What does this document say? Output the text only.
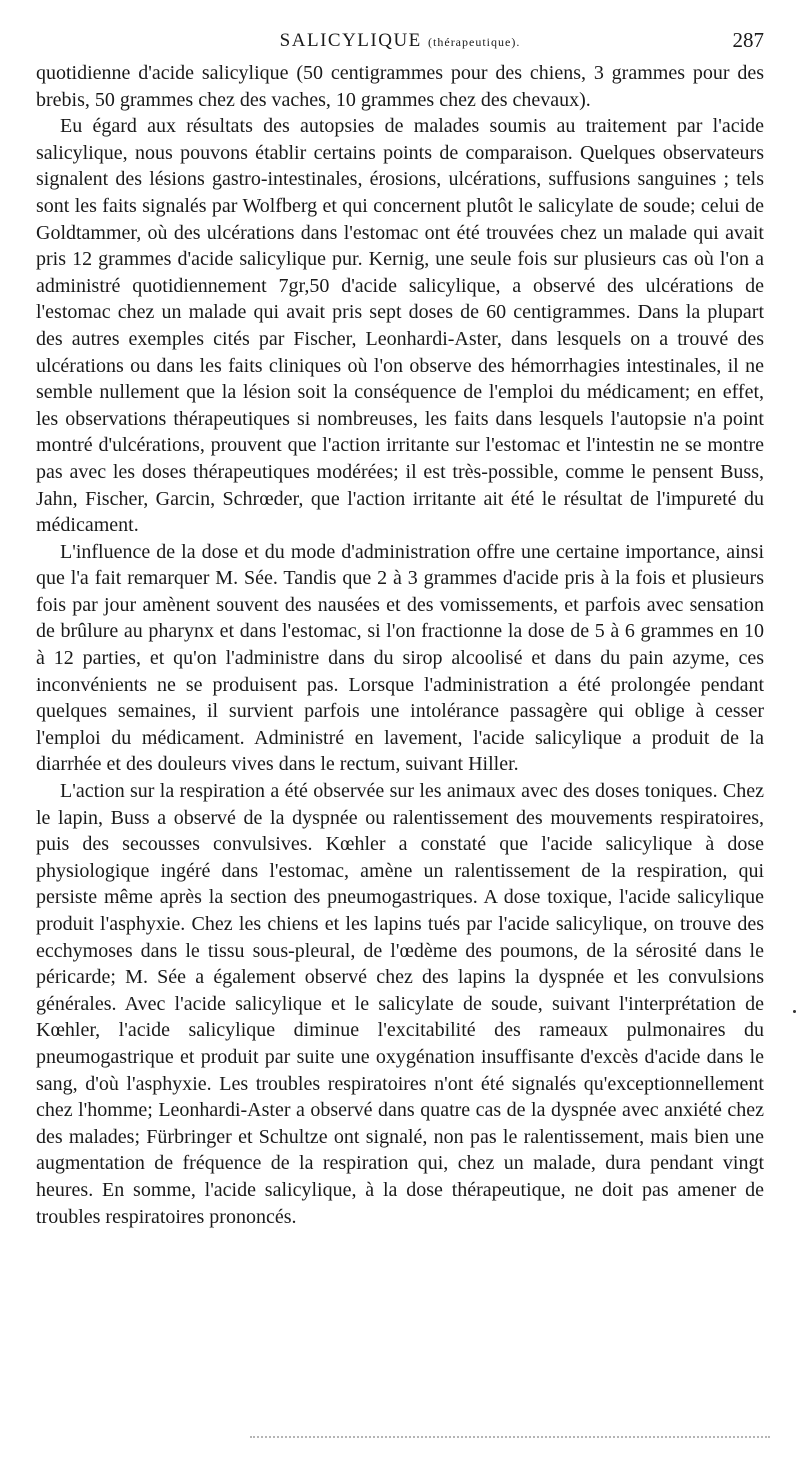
SALICYLIQUE (thérapeutique).	287

quotidienne d'acide salicylique (50 centigrammes pour des chiens, 3 grammes pour des brebis, 50 grammes chez des vaches, 10 grammes chez des chevaux).

Eu égard aux résultats des autopsies de malades soumis au traitement par l'acide salicylique, nous pouvons établir certains points de comparaison. Quelques observateurs signalent des lésions gastro-intestinales, érosions, ulcérations, suffusions sanguines ; tels sont les faits signalés par Wolfberg et qui concernent plutôt le salicylate de soude; celui de Goldtammer, où des ulcérations dans l'estomac ont été trouvées chez un malade qui avait pris 12 grammes d'acide salicylique pur. Kernig, une seule fois sur plusieurs cas où l'on a administré quotidiennement 7gr,50 d'acide salicylique, a observé des ulcérations de l'estomac chez un malade qui avait pris sept doses de 60 centigrammes. Dans la plupart des autres exemples cités par Fischer, Leonhardi-Aster, dans lesquels on a trouvé des ulcérations ou dans les faits cliniques où l'on observe des hémorrhagies intestinales, il ne semble nullement que la lésion soit la conséquence de l'emploi du médicament; en effet, les observations thérapeutiques si nombreuses, les faits dans lesquels l'autopsie n'a point montré d'ulcérations, prouvent que l'action irritante sur l'estomac et l'intestin ne se montre pas avec les doses thérapeutiques modérées; il est très-possible, comme le pensent Buss, Jahn, Fischer, Garcin, Schrœder, que l'action irritante ait été le résultat de l'impureté du médicament.

L'influence de la dose et du mode d'administration offre une certaine importance, ainsi que l'a fait remarquer M. Sée. Tandis que 2 à 3 grammes d'acide pris à la fois et plusieurs fois par jour amènent souvent des nausées et des vomissements, et parfois avec sensation de brûlure au pharynx et dans l'estomac, si l'on fractionne la dose de 5 à 6 grammes en 10 à 12 parties, et qu'on l'administre dans du sirop alcoolisé et dans du pain azyme, ces inconvénients ne se produisent pas. Lorsque l'administration a été prolongée pendant quelques semaines, il survient parfois une intolérance passagère qui oblige à cesser l'emploi du médicament. Administré en lavement, l'acide salicylique a produit de la diarrhée et des douleurs vives dans le rectum, suivant Hiller.

L'action sur la respiration a été observée sur les animaux avec des doses toniques. Chez le lapin, Buss a observé de la dyspnée ou ralentissement des mouvements respiratoires, puis des secousses convulsives. Kœhler a constaté que l'acide salicylique à dose physiologique ingéré dans l'estomac, amène un ralentissement de la respiration, qui persiste même après la section des pneumogastriques. A dose toxique, l'acide salicylique produit l'asphyxie. Chez les chiens et les lapins tués par l'acide salicylique, on trouve des ecchymoses dans le tissu sous-pleural, de l'œdème des poumons, de la sérosité dans le péricarde; M. Sée a également observé chez des lapins la dyspnée et les convulsions générales. Avec l'acide salicylique et le salicylate de soude, suivant l'interprétation de Kœhler, l'acide salicylique diminue l'excitabilité des rameaux pulmonaires du pneumogastrique et produit par suite une oxygénation insuffisante d'excès d'acide dans le sang, d'où l'asphyxie. Les troubles respiratoires n'ont été signalés qu'exceptionnellement chez l'homme; Leonhardi-Aster a observé dans quatre cas de la dyspnée avec anxiété chez des malades; Fürbringer et Schultze ont signalé, non pas le ralentissement, mais bien une augmentation de fréquence de la respiration qui, chez un malade, dura pendant vingt heures. En somme, l'acide salicylique, à la dose thérapeutique, ne doit pas amener de troubles respiratoires prononcés.
